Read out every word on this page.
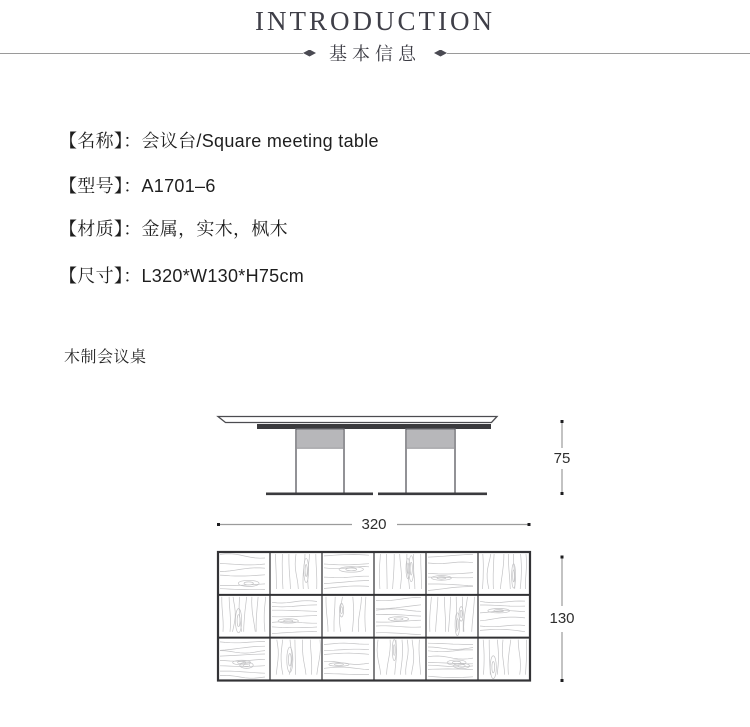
INTRODUCTION
基本信息
【名称】：会议台/Square meeting table
【型号】：A1701–6
【材质】：金属，实木，枫木
【尺寸】：L320*W130*H75cm
木制会议桌
75
320
130
